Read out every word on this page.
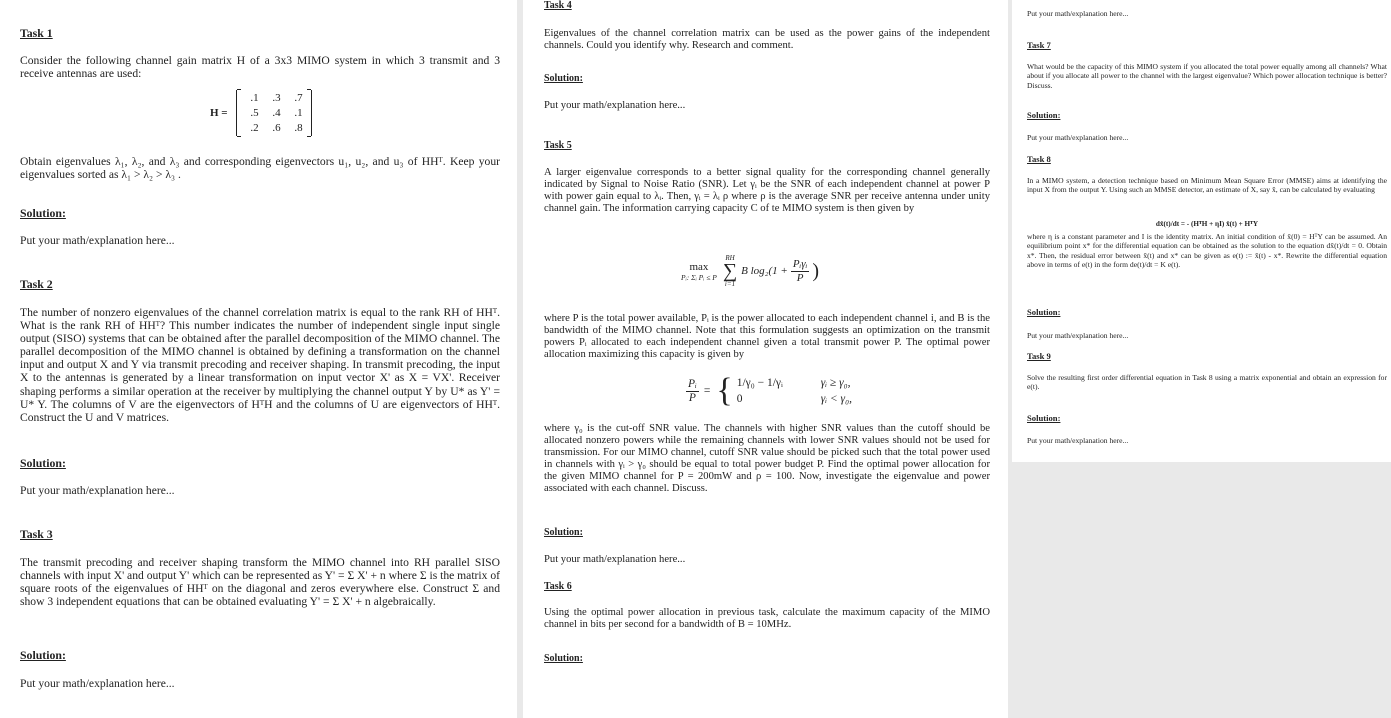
Task 1

Consider the following channel gain matrix H of a 3x3 MIMO system in which 3 transmit and 3 receive antennas are used:

H =
.1	.3	.7
.5	.4	.1
.2	.6	.8

Obtain eigenvalues λ₁, λ₂, and λ₃ and corresponding eigenvectors u₁, u₂, and u₃ of HHᵀ. Keep your eigenvalues sorted as λ₁ > λ₂ > λ₃ .

Solution:

Put your math/explanation here...

Task 2

The number of nonzero eigenvalues of the channel correlation matrix is equal to the rank RH of HHᵀ. What is the rank RH of HHᵀ? This number indicates the number of independent single input single output (SISO) systems that can be obtained after the parallel decomposition of the MIMO channel. The parallel decomposition of the MIMO channel is obtained by defining a transformation on the channel input and output X and Y via transmit precoding and receiver shaping. In transmit precoding, the input X to the antennas is generated by a linear transformation on input vector X' as X = VX'. Receiver shaping performs a similar operation at the receiver by multiplying the channel output Y by U* as Y' = U* Y. The columns of V are the eigenvectors of HᵀH and the columns of U are eigenvectors of HHᵀ. Construct the U and V matrices.

Solution:

Put your math/explanation here...

Task 3

The transmit precoding and receiver shaping transform the MIMO channel into RH parallel SISO channels with input X' and output Y' which can be represented as Y' = Σ X' + n where Σ is the matrix of square roots of the eigenvalues of HHᵀ on the diagonal and zeros everywhere else. Construct Σ and show 3 independent equations that can be obtained evaluating Y' = Σ X' + n algebraically.

Solution:

Put your math/explanation here...

Task 4

Eigenvalues of the channel correlation matrix can be used as the power gains of the independent channels. Could you identify why. Research and comment.

Solution:

Put your math/explanation here...

Task 5

A larger eigenvalue corresponds to a better signal quality for the corresponding channel generally indicated by Signal to Noise Ratio (SNR). Let γᵢ be the SNR of each independent channel at power P with power gain equal to λᵢ. Then, γᵢ = λᵢ ρ where ρ is the average SNR per receive antenna under unity channel gain. The information carrying capacity C of te MIMO system is then given by

max
Pᵢ: Σᵢ Pᵢ ≤ P
RH
∑
i=1
B $\log_2(1 + \frac{\text{Pᵢγᵢ}}{P}$ )

where P is the total power available, Pᵢ is the power allocated to each independent channel i, and B is the bandwidth of the MIMO channel. Note that this formulation suggests an optimization on the transmit powers Pᵢ allocated to each independent channel given a total transmit power P. The optimal power allocation maximizing this capacity is given by

$\frac{\text{Pᵢ}}{P}$ = { 1/γ₀ − 1/γᵢ	γᵢ ≥ γ₀,
0	γᵢ < γ₀,

where γ₀ is the cut-off SNR value. The channels with higher SNR values than the cutoff should be allocated nonzero powers while the remaining channels with lower SNR values should not be used for transmission. For our MIMO channel, cutoff SNR value should be picked such that the total power used in channels with γᵢ > γ₀ should be equal to total power budget P. Find the optimal power allocation for the given MIMO channel for P = 200mW and ρ = 100. Now, investigate the eigenvalue and power associated with each channel. Discuss.

Solution:

Put your math/explanation here...

Task 6

Using the optimal power allocation in previous task, calculate the maximum capacity of the MIMO channel in bits per second for a bandwidth of B = 10MHz.

Solution:

Put your math/explanation here...

Task 7

What would be the capacity of this MIMO system if you allocated the total power equally among all channels? What about if you allocate all power to the channel with the largest eigenvalue? Which power allocation technique is better? Discuss.

Solution:

Put your math/explanation here...

Task 8

In a MIMO system, a detection technique based on Minimum Mean Square Error (MMSE) aims at identifying the input X from the output Y. Using such an MMSE detector, an estimate of X, say x̂, can be calculated by evaluating

dx̂(t)/dt = - (HᵀH + ηI) x̂(t) + HᵀY

where η is a constant parameter and I is the identity matrix. An initial condition of x̂(0) = HᵀY can be assumed. An equilibrium point x* for the differential equation can be obtained as the solution to the equation dx̂(t)/dt = 0. Obtain x*. Then, the residual error between x̂(t) and x* can be given as e(t) := x̂(t) - x*. Rewrite the differential equation above in terms of e(t) in the form de(t)/dt = K e(t).

Solution:

Put your math/explanation here...

Task 9

Solve the resulting first order differential equation in Task 8 using a matrix exponential and obtain an expression for e(t).

Solution:

Put your math/explanation here...
